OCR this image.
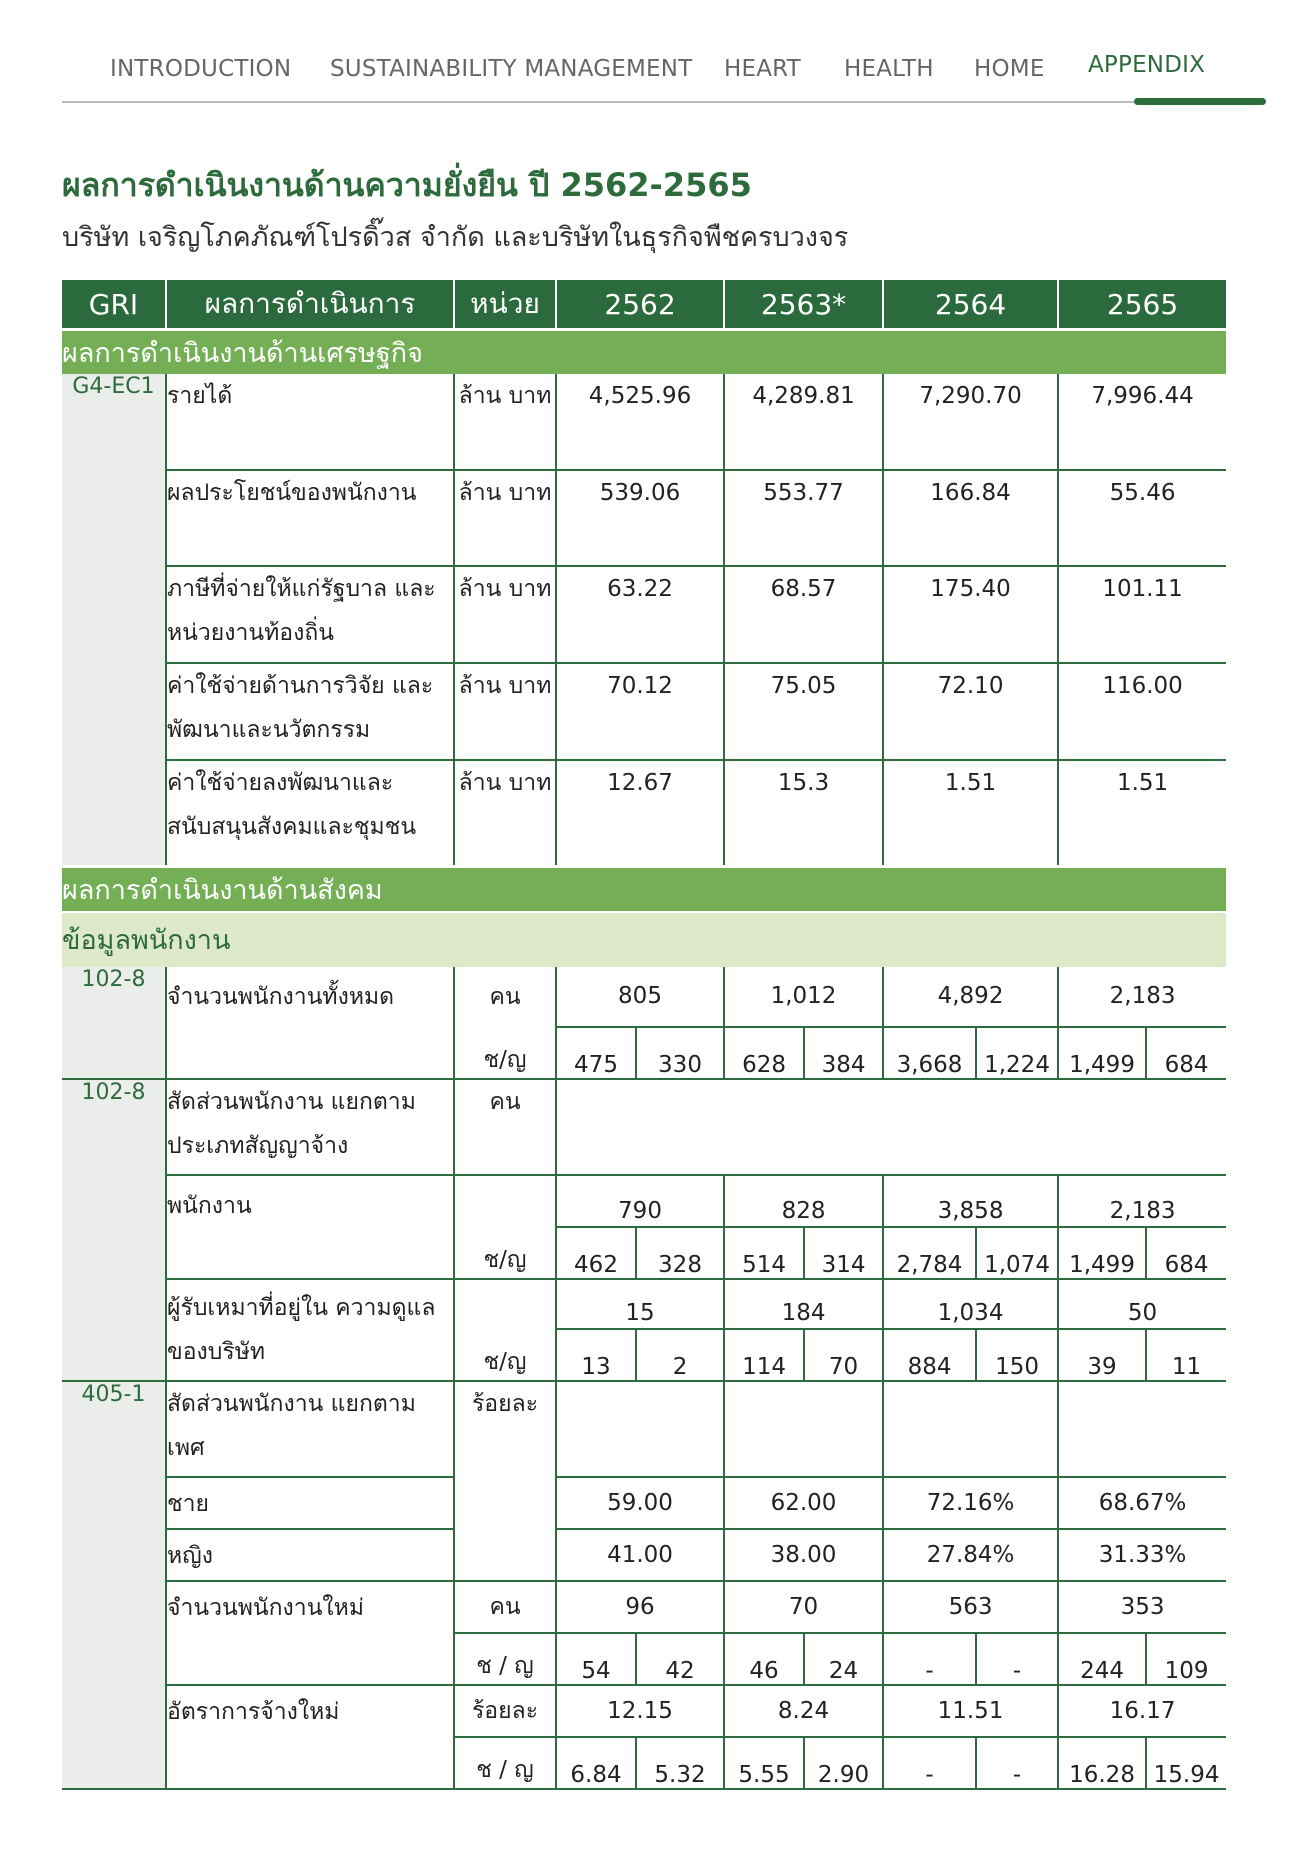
INTRODUCTION SUSTAINABILITY MANAGEMENT HEART HEALTH HOME APPENDIX
ผลการดำเนินงานด้านความยั่งยืน ปี 2562-2565
บริษัท เจริญโภคภัณฑ์โปรดิ๊วส จำกัด และบริษัทในธุรกิจพืชครบวงจร
GRI	ผลการดำเนินการ	หน่วย	2562		2563*		2564		2565	
ผลการดำเนินงานด้านเศรษฐกิจ										
G4-EC1	รายได้	ล้าน บาท	4,525.96		4,289.81		7,290.70		7,996.44	
	ผลประโยชน์ของพนักงาน	ล้าน บาท	539.06		553.77		166.84		55.46	
	ภาษีที่จ่ายให้แก่รัฐบาล และหน่วยงานท้องถิ่น	ล้าน บาท	63.22		68.57		175.40		101.11	
	ค่าใช้จ่ายด้านการวิจัย และพัฒนาและนวัตกรรม	ล้าน บาท	70.12		75.05		72.10		116.00	
	ค่าใช้จ่ายลงพัฒนาและ สนับสนุนสังคมและชุมชน	ล้าน บาท	12.67		15.3		1.51		1.51	
ผลการดำเนินงานด้านสังคม										
ข้อมูลพนักงาน										
102-8	จำนวนพนักงานทั้งหมด	คน	805		1,012		4,892		2,183	
		ช/ญ	475	330	628	384	3,668	1,224	1,499	684
102-8	สัดส่วนพนักงาน แยกตามประเภทสัญญาจ้าง	คน								
	พนักงาน		790		828		3,858		2,183	
		ช/ญ	462	328	514	314	2,784	1,074	1,499	684
	ผู้รับเหมาที่อยู่ใน ความดูแลของบริษัท		15		184		1,034		50	
		ช/ญ	13	2	114	70	884	150	39	11
405-1	สัดส่วนพนักงาน แยกตามเพศ	ร้อยละ								
	ชาย		59.00		62.00		72.16%		68.67%	
	หญิง		41.00		38.00		27.84%		31.33%	
	จำนวนพนักงานใหม่	คน	96		70		563		353	
		ช / ญ	54	42	46	24	-	-	244	109
	อัตราการจ้างใหม่	ร้อยละ	12.15		8.24		11.51		16.17	
		ช / ญ	6.84	5.32	5.55	2.90	-	-	16.28	15.94
